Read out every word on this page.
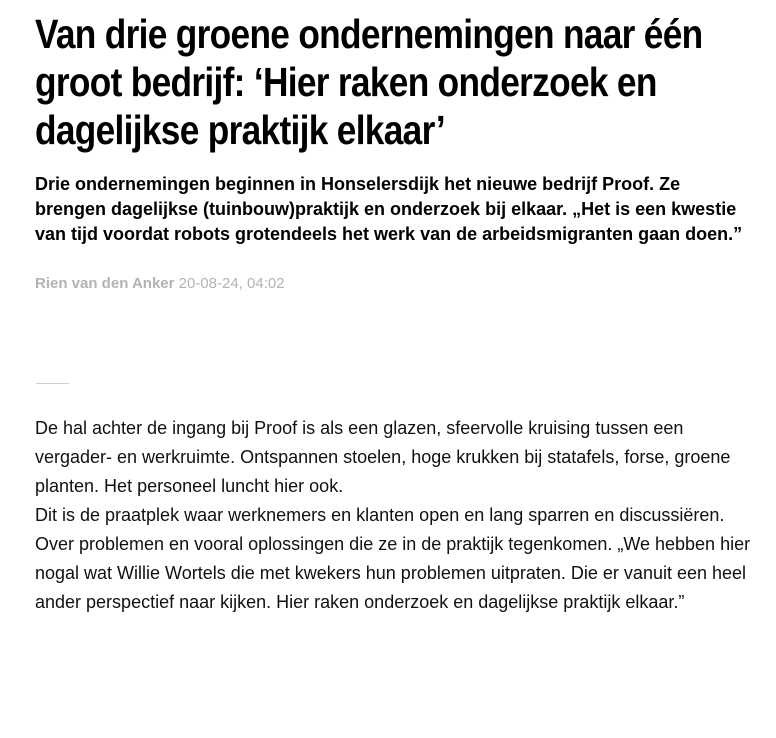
Van drie groene ondernemingen naar één groot bedrijf: ‘Hier raken onderzoek en dagelijkse praktijk elkaar’

Drie ondernemingen beginnen in Honselersdijk het nieuwe bedrijf Proof. Ze brengen dagelijkse (tuinbouw)praktijk en onderzoek bij elkaar. „Het is een kwestie van tijd voordat robots grotendeels het werk van de arbeidsmigranten gaan doen.”

Rien van den Anker 20-08-24, 04:02

De hal achter de ingang bij Proof is als een glazen, sfeervolle kruising tussen een vergader- en werkruimte. Ontspannen stoelen, hoge krukken bij statafels, forse, groene planten. Het personeel luncht hier ook.

Dit is de praatplek waar werknemers en klanten open en lang sparren en discussiëren. Over problemen en vooral oplossingen die ze in de praktijk tegenkomen. „We hebben hier nogal wat Willie Wortels die met kwekers hun problemen uitpraten. Die er vanuit een heel ander perspectief naar kijken. Hier raken onderzoek en dagelijkse praktijk elkaar.”
